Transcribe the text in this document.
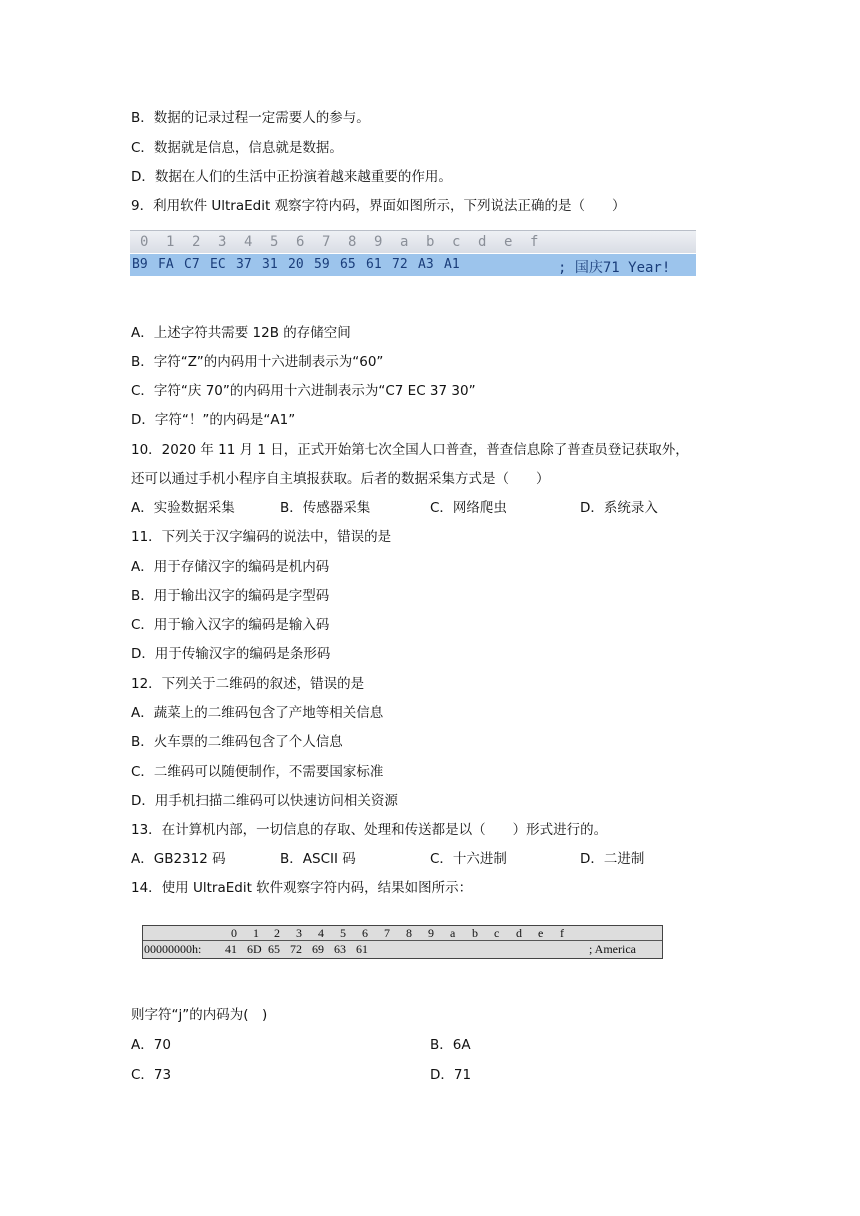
B．数据的记录过程一定需要人的参与。
C．数据就是信息，信息就是数据。
D．数据在人们的生活中正扮演着越来越重要的作用。
9．利用软件 UltraEdit 观察字符内码，界面如图所示，下列说法正确的是（　　）
0 1 2 3 4 5 6 7 8 9 a b c d e f
B9 FA C7 EC 37 31 20 59 65 61 72 A3 A1	; 国庆71 Year!
A．上述字符共需要 12B 的存储空间
B．字符“Z”的内码用十六进制表示为“60”
C．字符“庆 70”的内码用十六进制表示为“C7 EC 37 30”
D．字符“！”的内码是“A1”
10．2020 年 11 月 1 日，正式开始第七次全国人口普查，普查信息除了普查员登记获取外，
还可以通过手机小程序自主填报获取。后者的数据采集方式是（　　）
A．实验数据采集	B．传感器采集	C．网络爬虫	D．系统录入
11．下列关于汉字编码的说法中，错误的是
A．用于存储汉字的编码是机内码
B．用于输出汉字的编码是字型码
C．用于输入汉字的编码是输入码
D．用于传输汉字的编码是条形码
12．下列关于二维码的叙述，错误的是
A．蔬菜上的二维码包含了产地等相关信息
B．火车票的二维码包含了个人信息
C．二维码可以随便制作，不需要国家标准
D．用手机扫描二维码可以快速访问相关资源
13．在计算机内部，一切信息的存取、处理和传送都是以（　　）形式进行的。
A．GB2312 码	B．ASCII 码	C．十六进制	D．二进制
14．使用 UltraEdit 软件观察字符内码，结果如图所示：
0 1 2 3 4 5 6 7 8 9 a b c d e f
00000000h: 41 6D 65 72 69 63 61	; America
则字符“j”的内码为(　)
A．70	B．6A
C．73	D．71
